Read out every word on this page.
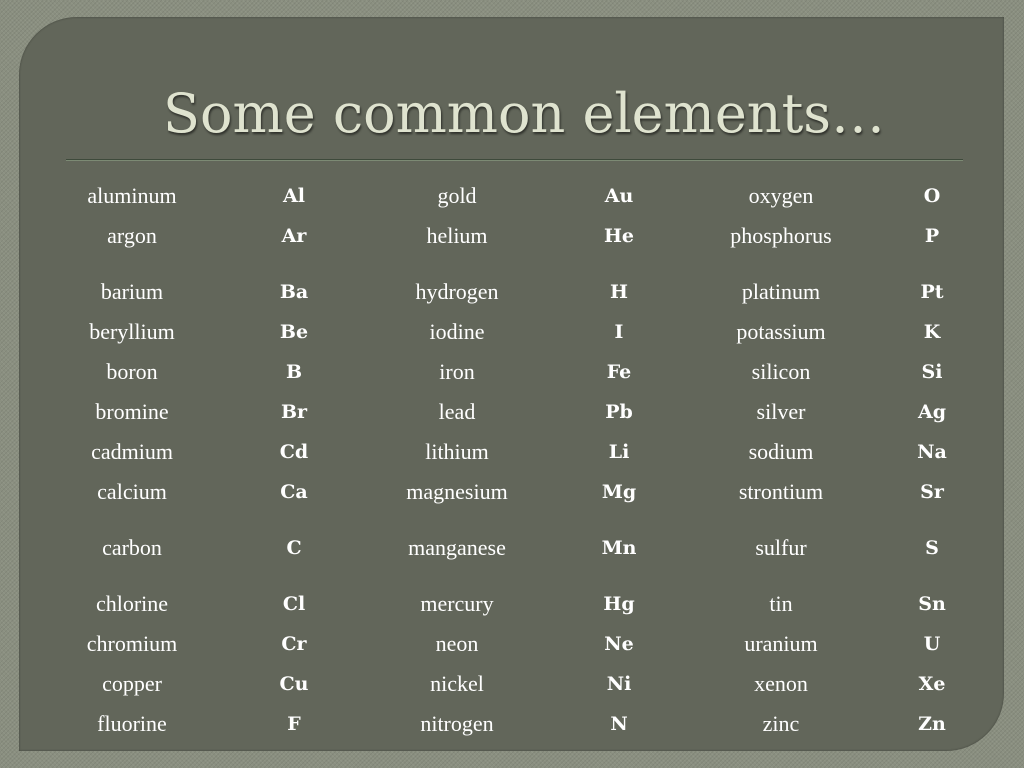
Some common elements…
aluminum	Al	gold	Au	oxygen	O
argon	Ar	helium	He	phosphorus	P
barium	Ba	hydrogen	H	platinum	Pt
beryllium	Be	iodine	I	potassium	K
boron	B	iron	Fe	silicon	Si
bromine	Br	lead	Pb	silver	Ag
cadmium	Cd	lithium	Li	sodium	Na
calcium	Ca	magnesium	Mg	strontium	Sr
carbon	C	manganese	Mn	sulfur	S
chlorine	Cl	mercury	Hg	tin	Sn
chromium	Cr	neon	Ne	uranium	U
copper	Cu	nickel	Ni	xenon	Xe
fluorine	F	nitrogen	N	zinc	Zn
